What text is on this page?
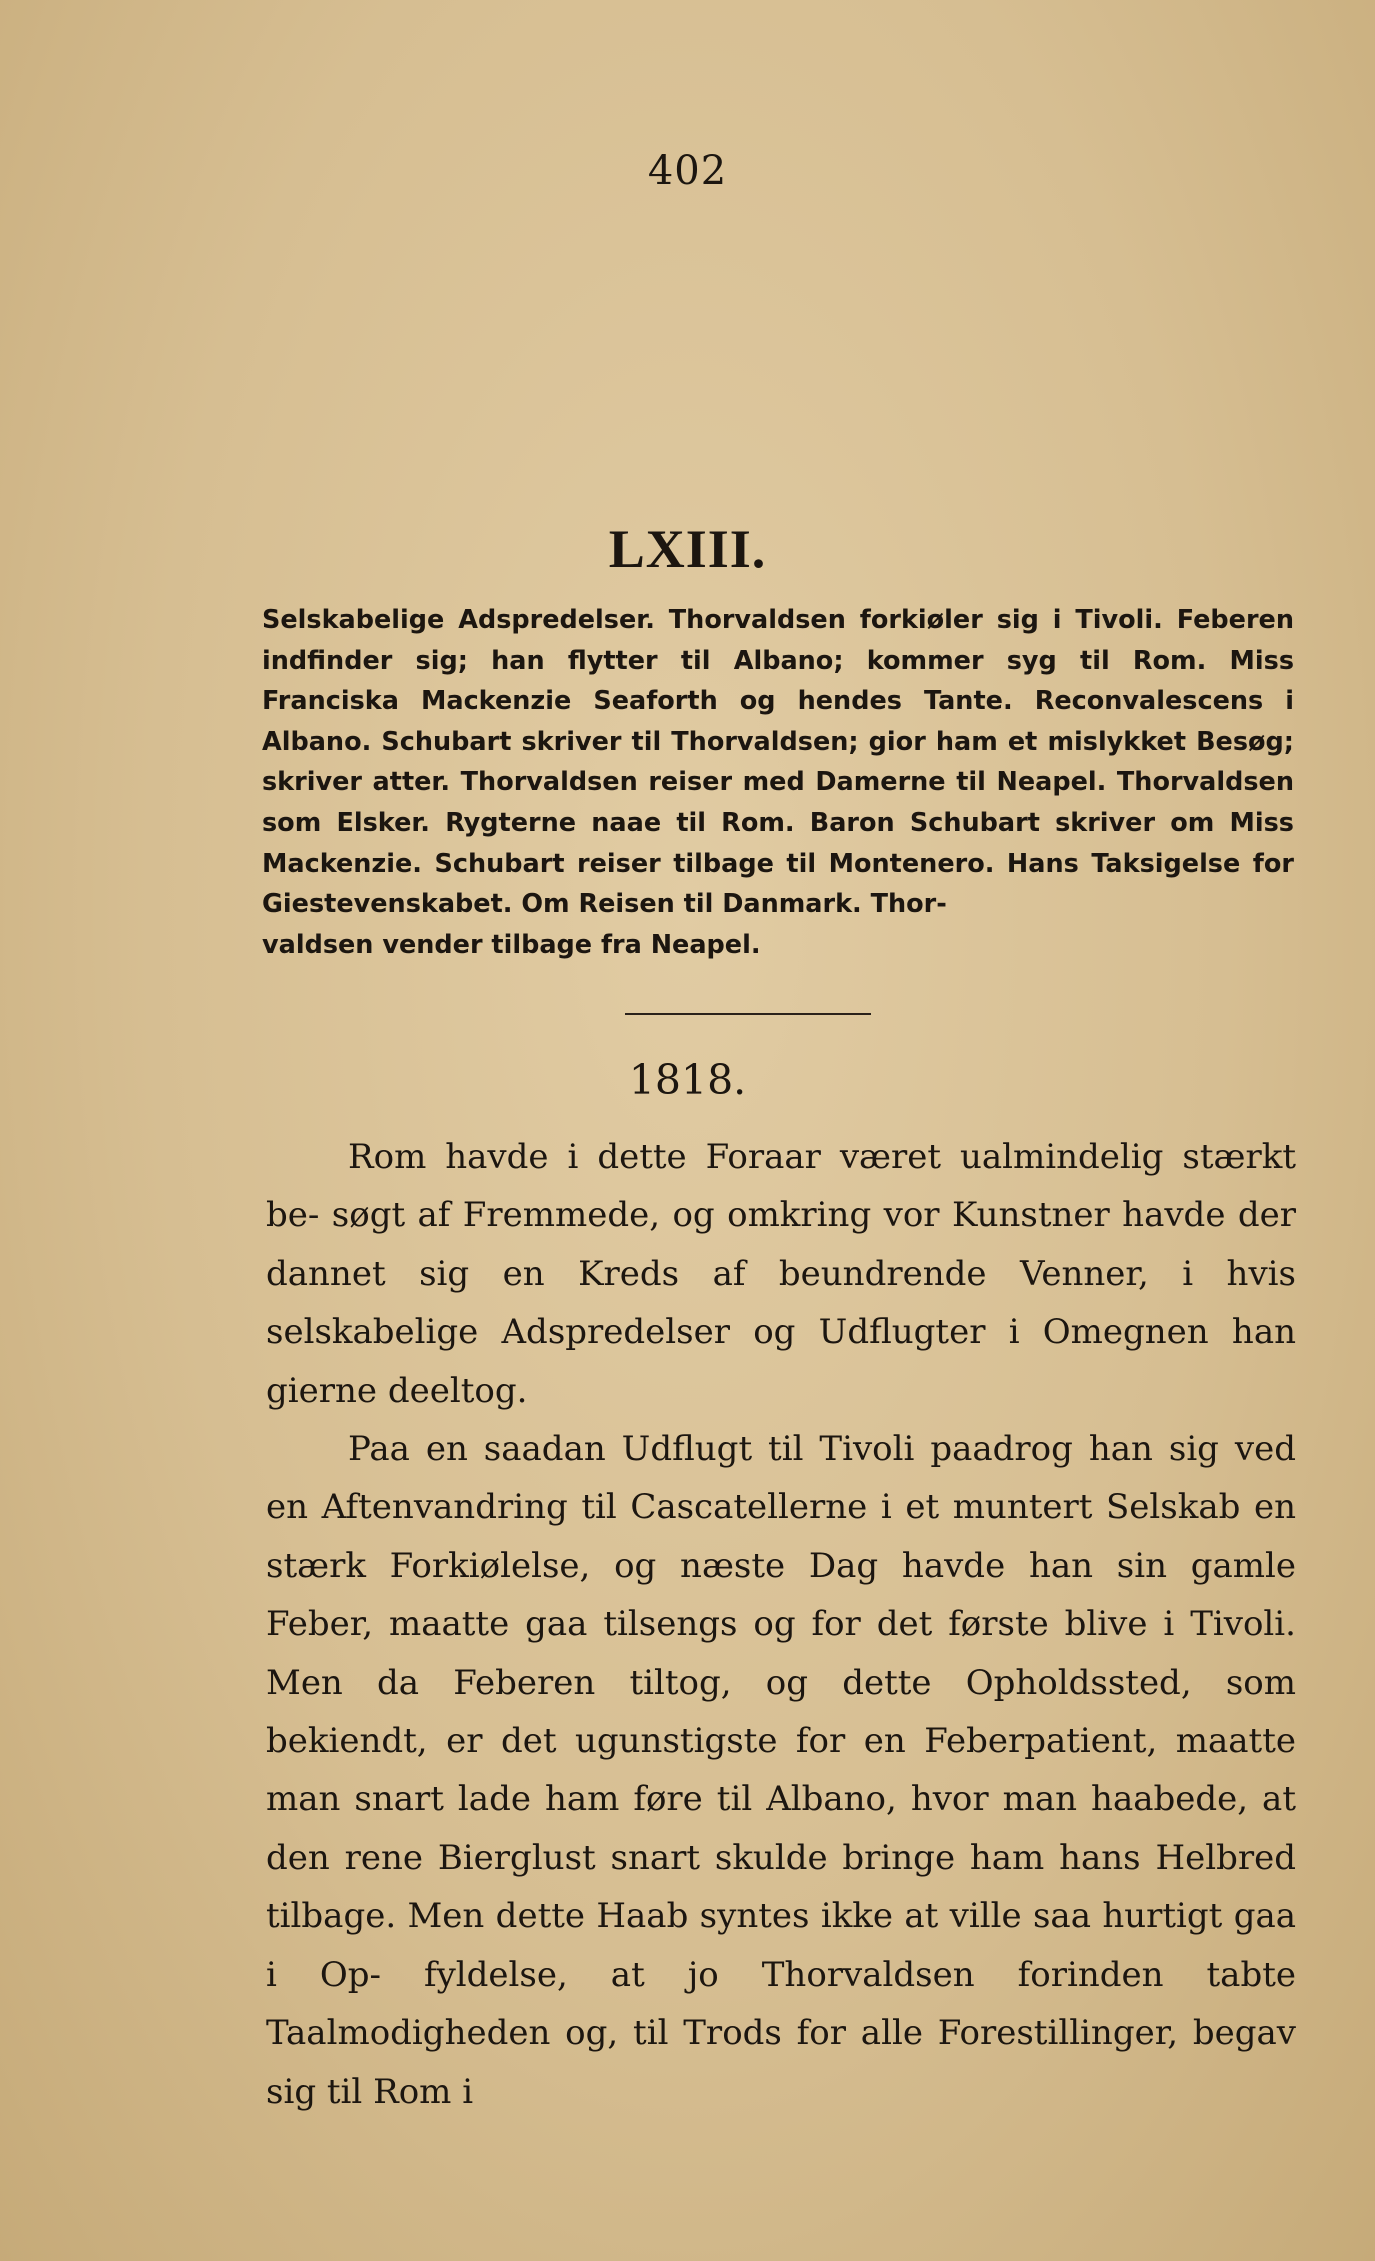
402
LXIII.

Selskabelige Adspredelser. Thorvaldsen forkiøler sig i Tivoli. Feberen indfinder sig; han flytter til Albano; kommer syg til Rom. Miss Franciska Mackenzie Seaforth og hendes Tante. Reconvalescens i Albano. Schubart skriver til Thorvaldsen; gior ham et mislykket Besøg; skriver atter. Thorvaldsen reiser med Damerne til Neapel. Thorvaldsen som Elsker. Rygterne naae til Rom. Baron Schubart skriver om Miss Mackenzie. Schubart reiser tilbage til Montenero. Hans Taksigelse for Giestevenskabet. Om Reisen til Danmark. Thor-
valdsen vender tilbage fra Neapel.

1818.

Rom havde i dette Foraar været ualmindelig stærkt be- søgt af Fremmede, og omkring vor Kunstner havde der dannet sig en Kreds af beundrende Venner, i hvis selskabelige Adspredelser og Udflugter i Omegnen han gierne deeltog.

Paa en saadan Udflugt til Tivoli paadrog han sig ved en Aftenvandring til Cascatellerne i et muntert Selskab en stærk Forkiølelse, og næste Dag havde han sin gamle Feber, maatte gaa tilsengs og for det første blive i Tivoli. Men da Feberen tiltog, og dette Opholdssted, som bekiendt, er det ugunstigste for en Feberpatient, maatte man snart lade ham føre til Albano, hvor man haabede, at den rene Bierglust snart skulde bringe ham hans Helbred tilbage. Men dette Haab syntes ikke at ville saa hurtigt gaa i Op- fyldelse, at jo Thorvaldsen forinden tabte Taalmodigheden og, til Trods for alle Forestillinger, begav sig til Rom i
